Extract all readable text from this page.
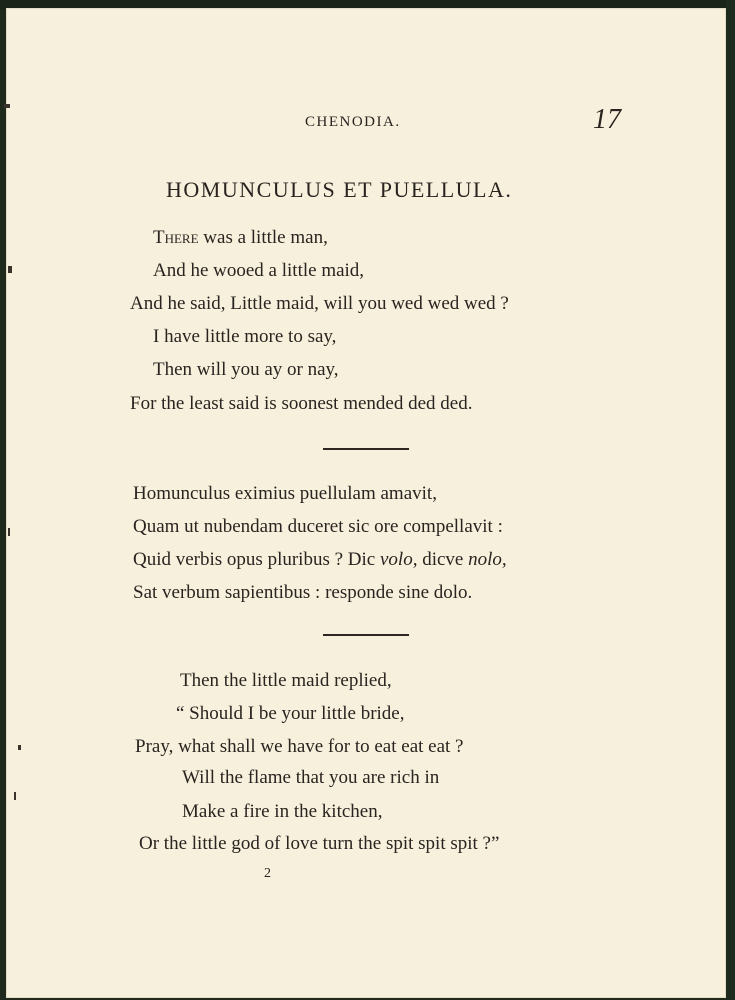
CHENODIA.	17
HOMUNCULUS ET PUELLULA.
There was a little man,
And he wooed a little maid,
And he said, Little maid, will you wed wed wed ?
I have little more to say,
Then will you ay or nay,
For the least said is soonest mended ded ded.
Homunculus eximius puellulam amavit,
Quam ut nubendam duceret sic ore compellavit :
Quid verbis opus pluribus ? Dic volo, dicve nolo,
Sat verbum sapientibus : responde sine dolo.
Then the little maid replied,
“ Should I be your little bride,
Pray, what shall we have for to eat eat eat ?
Will the flame that you are rich in
Make a fire in the kitchen,
Or the little god of love turn the spit spit spit ?”
2
